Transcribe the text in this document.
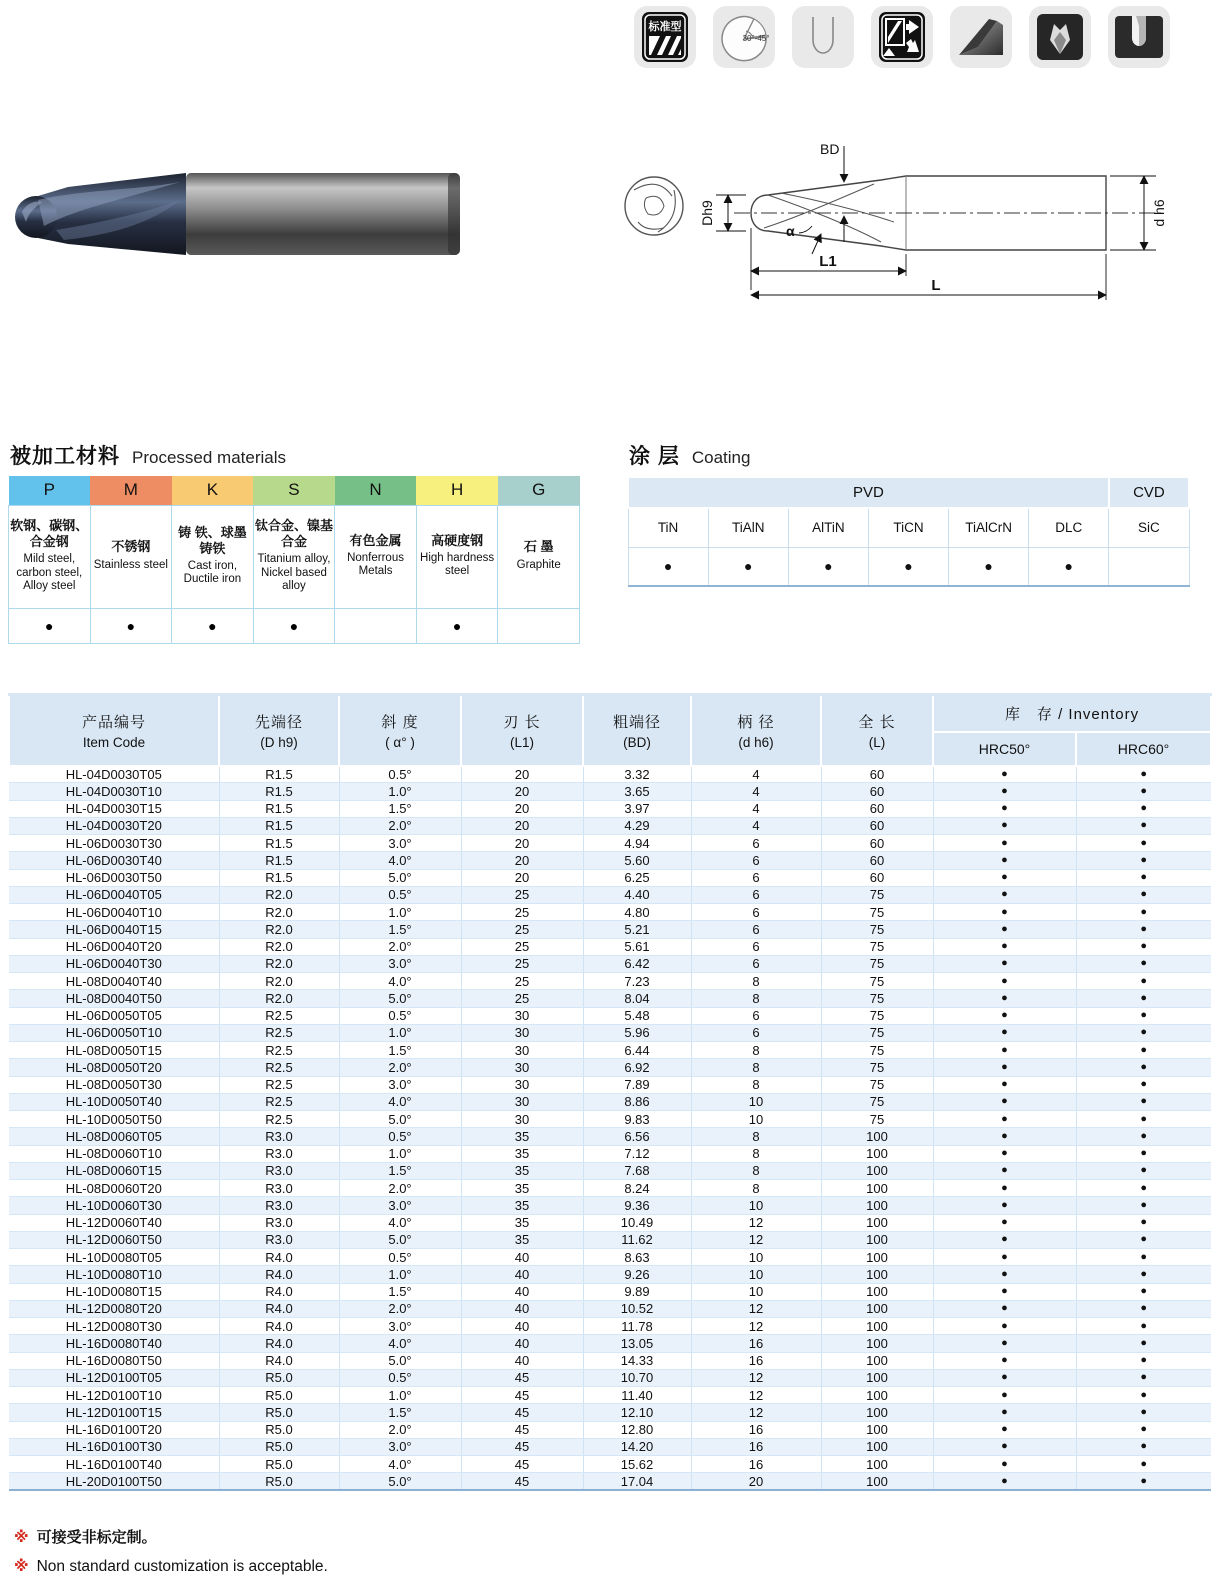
标准型
30°-45°
BD
Dh9
α
L1
L
d h6
被加工材料 Processed materials
P	M	K	S	N	H	G

软钢、碳钢、合金钢
Mild steel, carbon steel, Alloy steel

不锈钢
Stainless steel

铸 铁、球墨铸铁
Cast iron, Ductile iron

钛合金、镍基合金
Titanium alloy, Nickel based alloy

有色金属
Nonferrous Metals

高硬度钢
High hardness steel

石 墨
Graphite

●	●	●	●		●	
涂 层 Coating
PVD						CVD
TiN	TiAlN	AlTiN	TiCN	TiAlCrN	DLC	SiC
●	●	●	●	●	●	
产品编号
Item Code

先端径
(D h9)

斜 度
( α° )

刃 长
(L1)

粗端径
(BD)

柄 径
(d h6)

全 长
(L)

库　存 / Inventory

							HRC50°	HRC60°
HL-04D0030T05	R1.5	0.5°	20	3.32	4	60	●	●
HL-04D0030T10	R1.5	1.0°	20	3.65	4	60	●	●
HL-04D0030T15	R1.5	1.5°	20	3.97	4	60	●	●
HL-04D0030T20	R1.5	2.0°	20	4.29	4	60	●	●
HL-06D0030T30	R1.5	3.0°	20	4.94	6	60	●	●
HL-06D0030T40	R1.5	4.0°	20	5.60	6	60	●	●
HL-06D0030T50	R1.5	5.0°	20	6.25	6	60	●	●
HL-06D0040T05	R2.0	0.5°	25	4.40	6	75	●	●
HL-06D0040T10	R2.0	1.0°	25	4.80	6	75	●	●
HL-06D0040T15	R2.0	1.5°	25	5.21	6	75	●	●
HL-06D0040T20	R2.0	2.0°	25	5.61	6	75	●	●
HL-06D0040T30	R2.0	3.0°	25	6.42	6	75	●	●
HL-08D0040T40	R2.0	4.0°	25	7.23	8	75	●	●
HL-08D0040T50	R2.0	5.0°	25	8.04	8	75	●	●
HL-06D0050T05	R2.5	0.5°	30	5.48	6	75	●	●
HL-06D0050T10	R2.5	1.0°	30	5.96	6	75	●	●
HL-08D0050T15	R2.5	1.5°	30	6.44	8	75	●	●
HL-08D0050T20	R2.5	2.0°	30	6.92	8	75	●	●
HL-08D0050T30	R2.5	3.0°	30	7.89	8	75	●	●
HL-10D0050T40	R2.5	4.0°	30	8.86	10	75	●	●
HL-10D0050T50	R2.5	5.0°	30	9.83	10	75	●	●
HL-08D0060T05	R3.0	0.5°	35	6.56	8	100	●	●
HL-08D0060T10	R3.0	1.0°	35	7.12	8	100	●	●
HL-08D0060T15	R3.0	1.5°	35	7.68	8	100	●	●
HL-08D0060T20	R3.0	2.0°	35	8.24	8	100	●	●
HL-10D0060T30	R3.0	3.0°	35	9.36	10	100	●	●
HL-12D0060T40	R3.0	4.0°	35	10.49	12	100	●	●
HL-12D0060T50	R3.0	5.0°	35	11.62	12	100	●	●
HL-10D0080T05	R4.0	0.5°	40	8.63	10	100	●	●
HL-10D0080T10	R4.0	1.0°	40	9.26	10	100	●	●
HL-10D0080T15	R4.0	1.5°	40	9.89	10	100	●	●
HL-12D0080T20	R4.0	2.0°	40	10.52	12	100	●	●
HL-12D0080T30	R4.0	3.0°	40	11.78	12	100	●	●
HL-16D0080T40	R4.0	4.0°	40	13.05	16	100	●	●
HL-16D0080T50	R4.0	5.0°	40	14.33	16	100	●	●
HL-12D0100T05	R5.0	0.5°	45	10.70	12	100	●	●
HL-12D0100T10	R5.0	1.0°	45	11.40	12	100	●	●
HL-12D0100T15	R5.0	1.5°	45	12.10	12	100	●	●
HL-16D0100T20	R5.0	2.0°	45	12.80	16	100	●	●
HL-16D0100T30	R5.0	3.0°	45	14.20	16	100	●	●
HL-16D0100T40	R5.0	4.0°	45	15.62	16	100	●	●
HL-20D0100T50	R5.0	5.0°	45	17.04	20	100	●	●
※ 可接受非标定制。
※ Non standard customization is acceptable.
